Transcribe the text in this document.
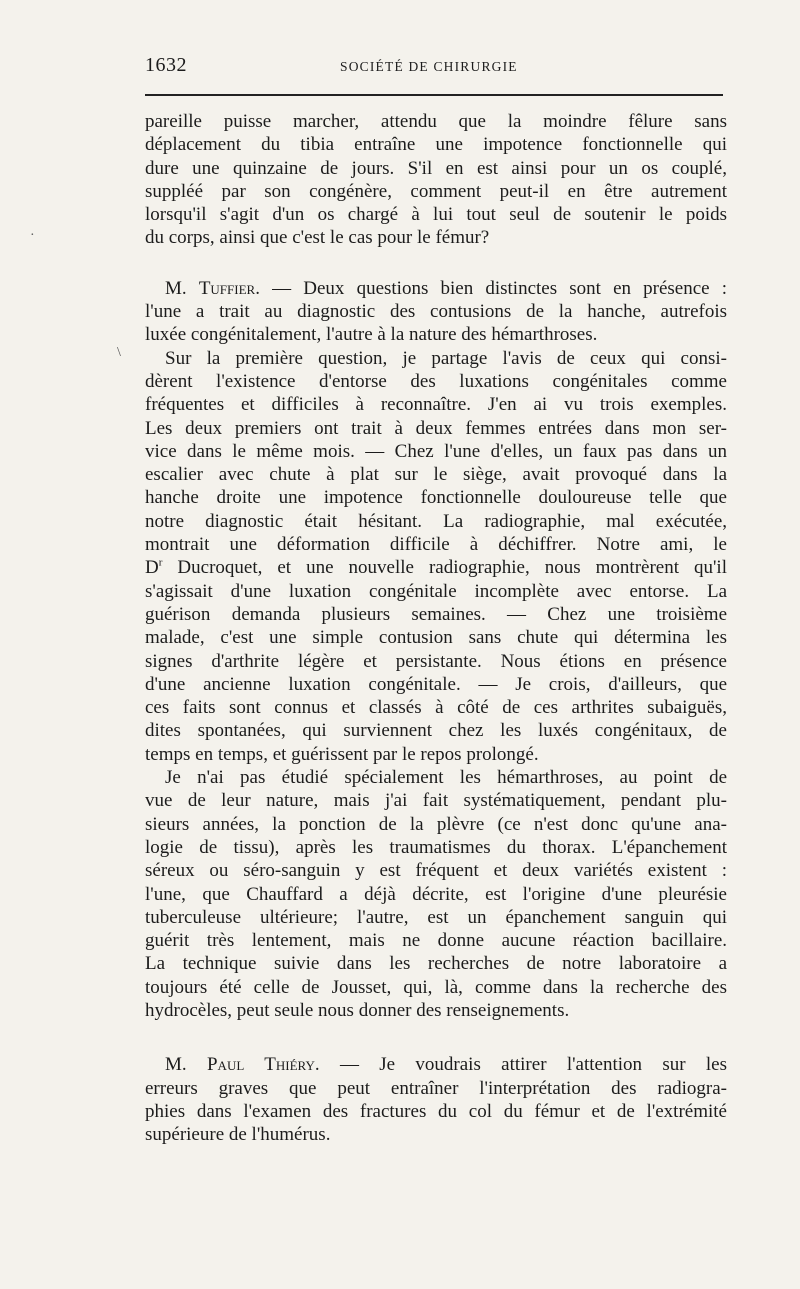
1632	SOCIÉTÉ DE CHIRURGIE
·
\
pareille puisse marcher, attendu que la moindre fêlure sans
déplacement du tibia entraîne une impotence fonctionnelle qui
dure une quinzaine de jours. S'il en est ainsi pour un os couplé,
suppléé par son congénère, comment peut-il en être autrement
lorsqu'il s'agit d'un os chargé à lui tout seul de soutenir le poids
du corps, ainsi que c'est le cas pour le fémur?
M. Tuffier. — Deux questions bien distinctes sont en présence :
l'une a trait au diagnostic des contusions de la hanche, autrefois
luxée congénitalement, l'autre à la nature des hémarthroses.
Sur la première question, je partage l'avis de ceux qui consi-
dèrent l'existence d'entorse des luxations congénitales comme
fréquentes et difficiles à reconnaître. J'en ai vu trois exemples.
Les deux premiers ont trait à deux femmes entrées dans mon ser-
vice dans le même mois. — Chez l'une d'elles, un faux pas dans un
escalier avec chute à plat sur le siège, avait provoqué dans la
hanche droite une impotence fonctionnelle douloureuse telle que
notre diagnostic était hésitant. La radiographie, mal exécutée,
montrait une déformation difficile à déchiffrer. Notre ami, le
$D^r$ Ducroquet, et une nouvelle radiographie, nous montrèrent qu'il
s'agissait d'une luxation congénitale incomplète avec entorse. La
guérison demanda plusieurs semaines. — Chez une troisième
malade, c'est une simple contusion sans chute qui détermina les
signes d'arthrite légère et persistante. Nous étions en présence
d'une ancienne luxation congénitale. — Je crois, d'ailleurs, que
ces faits sont connus et classés à côté de ces arthrites subaiguës,
dites spontanées, qui surviennent chez les luxés congénitaux, de
temps en temps, et guérissent par le repos prolongé.
Je n'ai pas étudié spécialement les hémarthroses, au point de
vue de leur nature, mais j'ai fait systématiquement, pendant plu-
sieurs années, la ponction de la plèvre (ce n'est donc qu'une ana-
logie de tissu), après les traumatismes du thorax. L'épanchement
séreux ou séro-sanguin y est fréquent et deux variétés existent :
l'une, que Chauffard a déjà décrite, est l'origine d'une pleurésie
tuberculeuse ultérieure; l'autre, est un épanchement sanguin qui
guérit très lentement, mais ne donne aucune réaction bacillaire.
La technique suivie dans les recherches de notre laboratoire a
toujours été celle de Jousset, qui, là, comme dans la recherche des
hydrocèles, peut seule nous donner des renseignements.
M. Paul Thiéry. — Je voudrais attirer l'attention sur les
erreurs graves que peut entraîner l'interprétation des radiogra-
phies dans l'examen des fractures du col du fémur et de l'extrémité
supérieure de l'humérus.
